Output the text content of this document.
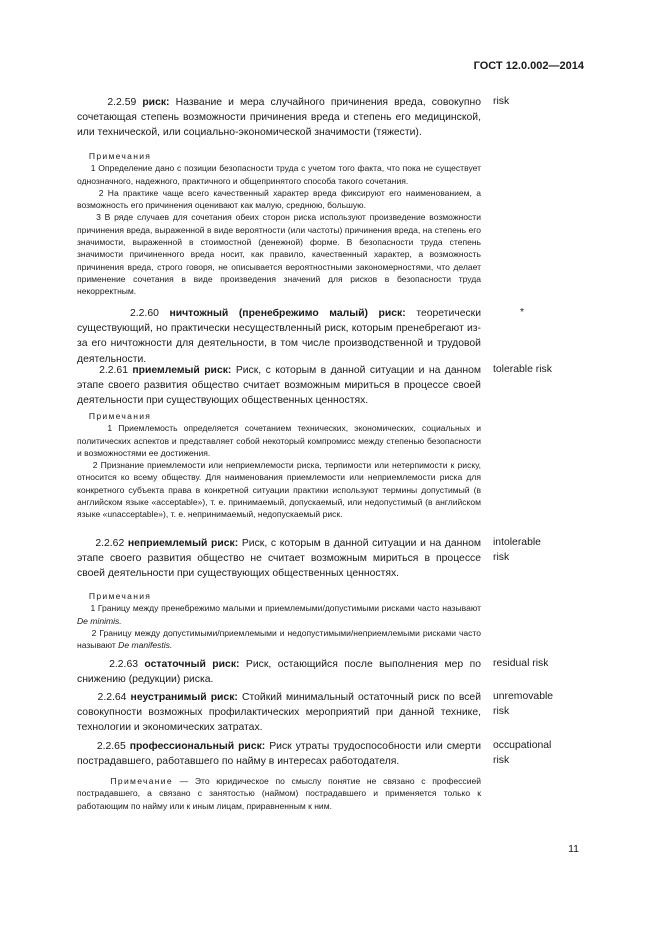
ГОСТ 12.0.002—2014
2.2.59 риск: Название и мера случайного причинения вреда, совокупно сочетающая степень возможности причинения вреда и степень его медицинской, или технической, или социально-экономической значимости (тяжести).
risk

Примечания

1 Определение дано с позиции безопасности труда с учетом того факта, что пока не существует однозначного, надежного, практичного и общепринятого способа такого сочетания.

2 На практике чаще всего качественный характер вреда фиксируют его наименованием, а возможность его причинения оценивают как малую, среднюю, большую.

3 В ряде случаев для сочетания обеих сторон риска используют произведение возможности причинения вреда, выраженной в виде вероятности (или частоты) причинения вреда, на степень его значимости, выраженной в стоимостной (денежной) форме. В безопасности труда степень значимости причиненного вреда носит, как правило, качественный характер, а возможность причинения вреда, строго говоря, не описывается вероятностными закономерностями, что делает применение сочетания в виде произведения значений для рисков в безопасности труда некорректным.

2.2.60 ничтожный (пренебрежимо малый) риск: теоретически существующий, но практически несуществленный риск, которым пренебрегают из-за его ничтожности для деятельности, в том числе производственной и трудовой деятельности.
*
2.2.61 приемлемый риск: Риск, с которым в данной ситуации и на данном этапе своего развития общество считает возможным мириться в процессе своей деятельности при существующих общественных ценностях.
tolerable risk

Примечания

1 Приемлемость определяется сочетанием технических, экономических, социальных и политических аспектов и представляет собой некоторый компромисс между степенью безопасности и возможностями ее достижения.

2 Признание приемлемости или неприемлемости риска, терпимости или нетерпимости к риску, относится ко всему обществу. Для наименования приемлемости или неприемлемости риска для конкретного субъекта права в конкретной ситуации практики используют термины допустимый (в английском языке «acceptable»), т. е. принимаемый, допускаемый, или недопустимый (в английском языке «unacceptable»), т. е. непринимаемый, недопускаемый риск.

2.2.62 неприемлемый риск: Риск, с которым в данной ситуации и на данном этапе своего развития общество не считает возможным мириться в процессе своей деятельности при существующих общественных ценностях.
intolerable
risk

Примечания

1 Границу между пренебрежимо малыми и приемлемыми/допустимыми рисками часто называют De minimis.

2 Границу между допустимыми/приемлемыми и недопустимыми/неприемлемыми рисками часто называют De manifestis.

2.2.63 остаточный риск: Риск, остающийся после выполнения мер по снижению (редукции) риска.
residual risk
2.2.64 неустранимый риск: Стойкий минимальный остаточный риск по всей совокупности возможных профилактических мероприятий при данной технике, технологии и экономических затратах.
unremovable
risk
2.2.65 профессиональный риск: Риск утраты трудоспособности или смерти пострадавшего, работавшего по найму в интересах работодателя.
occupational
risk

Примечание — Это юридическое по смыслу понятие не связано с профессией пострадавшего, а связано с занятостью (наймом) пострадавшего и применяется только к работающим по найму или к иным лицам, приравненным к ним.

11
